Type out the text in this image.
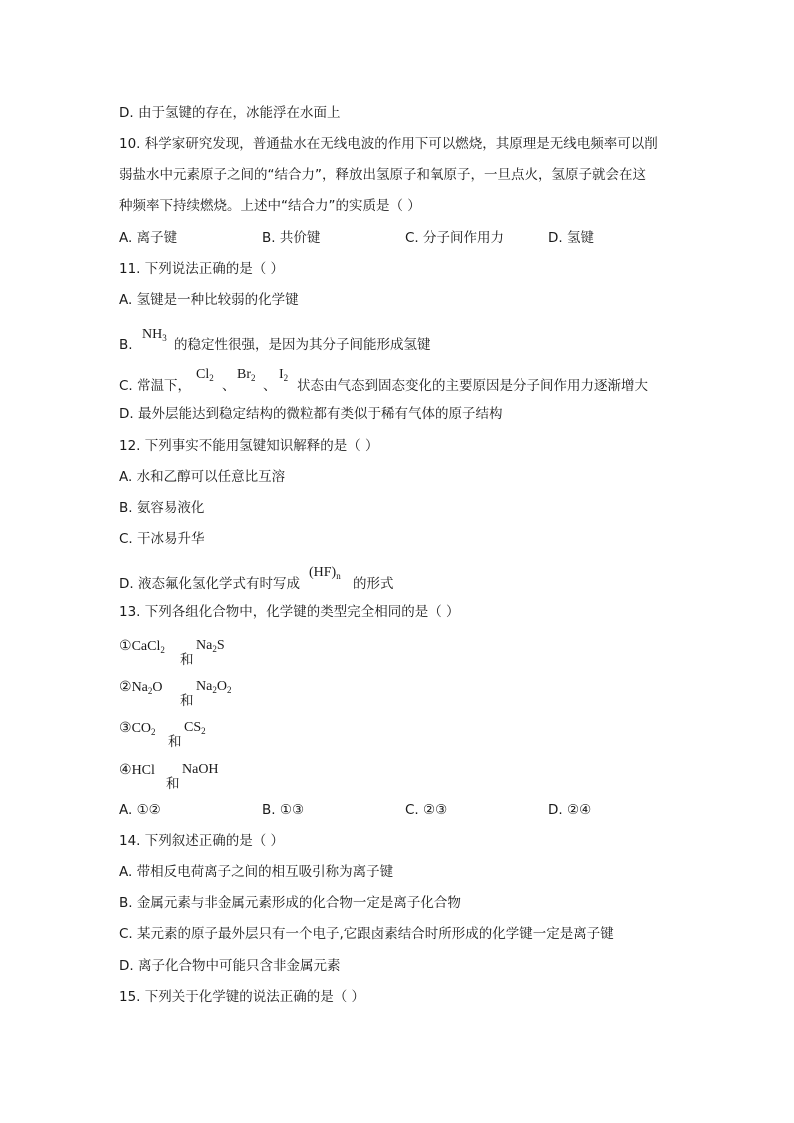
D. 由于氢键的存在，冰能浮在水面上
10. 科学家研究发现，普通盐水在无线电波的作用下可以燃烧，其原理是无线电频率可以削
弱盐水中元素原子之间的“结合力”，释放出氢原子和氧原子，一旦点火，氢原子就会在这
种频率下持续燃烧。上述中“结合力”的实质是（ ）
A. 离子键	B. 共价键	C. 分子间作用力	D. 氢键
11. 下列说法正确的是（ ）
A. 氢键是一种比较弱的化学键
B.
$NH_3$ 的稳定性很强，是因为其分子间能形成氢键
C. 常温下，
$Cl_2$ 、
$Br_2$ 、
$I_2$ 状态由气态到固态变化的主要原因是分子间作用力逐渐增大
D. 最外层能达到稳定结构的微粒都有类似于稀有气体的原子结构
12. 下列事实不能用氢键知识解释的是（ ）
A. 水和乙醇可以任意比互溶
B. 氨容易液化
C. 干冰易升华
D. 液态氟化氢化学式有时写成
$(HF)_n$ 的形式
13. 下列各组化合物中，化学键的类型完全相同的是（ ）
①CaCl$_2$
和
$Na_2S$
$②Na_2O$
和
$Na_2O_2$
$③CO_2$
和
$CS_2$
④HCl
和
NaOH
A. ①②	B. ①③	C. ②③	D. ②④
14. 下列叙述正确的是（ ）
A. 带相反电荷离子之间的相互吸引称为离子键
B. 金属元素与非金属元素形成的化合物一定是离子化合物
C. 某元素的原子最外层只有一个电子,它跟卤素结合时所形成的化学键一定是离子键
D. 离子化合物中可能只含非金属元素
15. 下列关于化学键的说法正确的是（ ）
